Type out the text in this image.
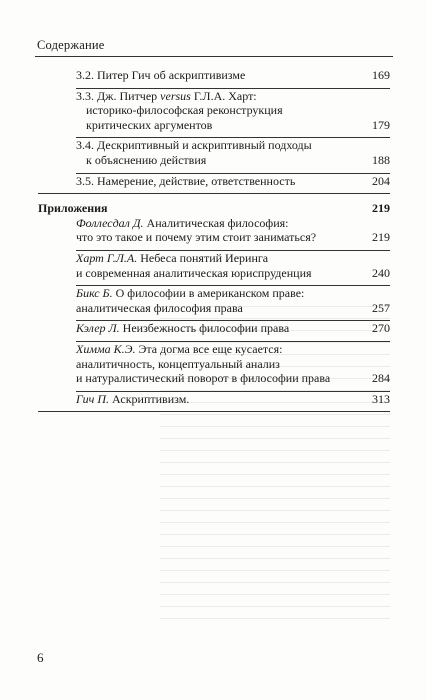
Содержание
3.2. Питер Гич об аскриптивизме	169
3.3. Дж. Питчер versus Г.Л.А. Харт:
историко-философская реконструкция критических аргументов	179
3.4. Дескриптивный и аскриптивный подходы
к объяснению действия	188
3.5. Намерение, действие, ответственность	204
Приложения	219
Фоллесдал Д. Аналитическая философия:
что это такое и почему этим стоит заниматься?	219
Харт Г.Л.А. Небеса понятий Иеринга
и современная аналитическая юриспруденция	240
Бикс Б. О философии в американском праве:
аналитическая философия права	257
Кэлер Л. Неизбежность философии права	270
Химма К.Э. Эта догма все еще кусается:
аналитичность, концептуальный анализ
и натуралистический поворот в философии права	284
Гич П. Аскриптивизм.	313
6
